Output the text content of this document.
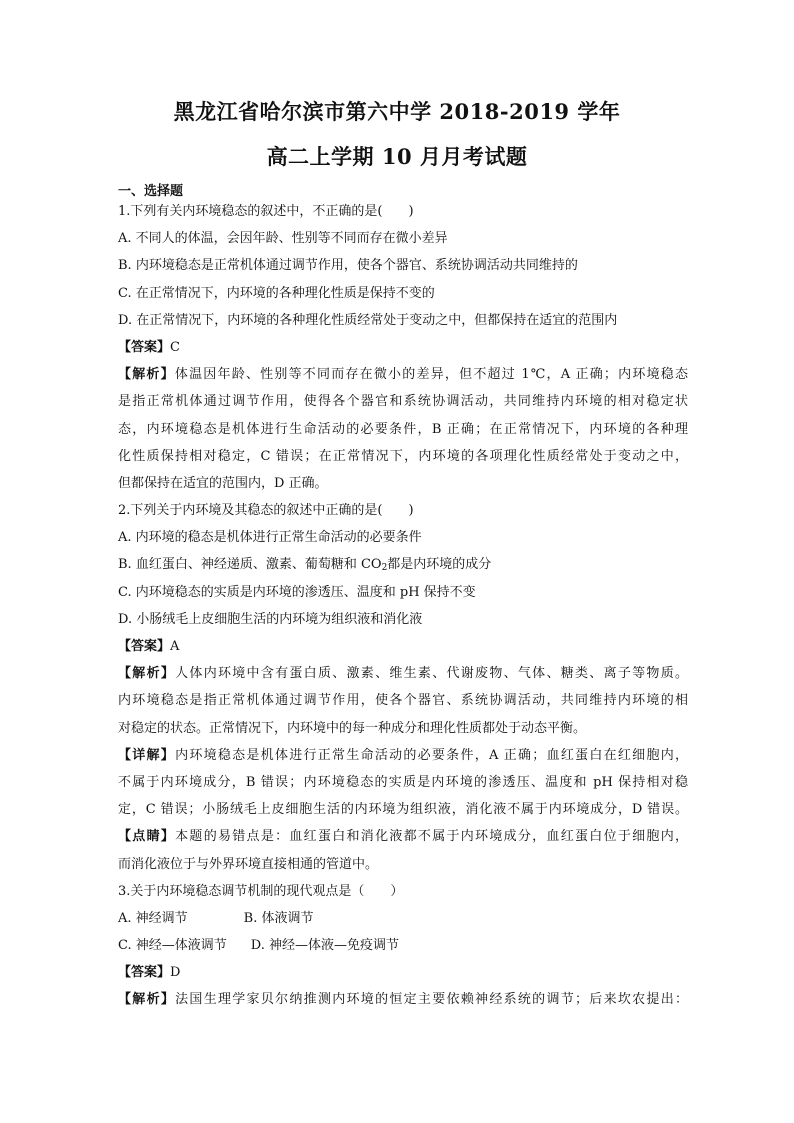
黑龙江省哈尔滨市第六中学 2018-2019 学年
高二上学期 10 月月考试题
一、选择题
1.下列有关内环境稳态的叙述中，不正确的是(　　)
A. 不同人的体温，会因年龄、性别等不同而存在微小差异
B. 内环境稳态是正常机体通过调节作用，使各个器官、系统协调活动共同维持的
C. 在正常情况下，内环境的各种理化性质是保持不变的
D. 在正常情况下，内环境的各种理化性质经常处于变动之中，但都保持在适宜的范围内
【答案】C
【解析】体温因年龄、性别等不同而存在微小的差异，但不超过 1℃，A 正确；内环境稳态
是指正常机体通过调节作用，使得各个器官和系统协调活动，共同维持内环境的相对稳定状
态，内环境稳态是机体进行生命活动的必要条件，B 正确；在正常情况下，内环境的各种理
化性质保持相对稳定，C 错误；在正常情况下，内环境的各项理化性质经常处于变动之中，
但都保持在适宜的范围内，D 正确。
2.下列关于内环境及其稳态的叙述中正确的是(　　)
A. 内环境的稳态是机体进行正常生命活动的必要条件
B. 血红蛋白、神经递质、激素、葡萄糖和 $CO_2$都是内环境的成分
C. 内环境稳态的实质是内环境的渗透压、温度和 pH 保持不变
D. 小肠绒毛上皮细胞生活的内环境为组织液和消化液
【答案】A
【解析】人体内环境中含有蛋白质、激素、维生素、代谢废物、气体、糖类、离子等物质。
内环境稳态是指正常机体通过调节作用，使各个器官、系统协调活动，共同维持内环境的相
对稳定的状态。正常情况下，内环境中的每一种成分和理化性质都处于动态平衡。
【详解】内环境稳态是机体进行正常生命活动的必要条件，A 正确；血红蛋白在红细胞内，
不属于内环境成分，B 错误；内环境稳态的实质是内环境的渗透压、温度和 pH 保持相对稳
定，C 错误；小肠绒毛上皮细胞生活的内环境为组织液，消化液不属于内环境成分，D 错误。
【点睛】本题的易错点是：血红蛋白和消化液都不属于内环境成分，血红蛋白位于细胞内，
而消化液位于与外界环境直接相通的管道中。
3.关于内环境稳态调节机制的现代观点是（　　）
A. 神经调节	B. 体液调节
C. 神经—体液调节 D. 神经—体液—免疫调节
【答案】D
【解析】法国生理学家贝尔纳推测内环境的恒定主要依赖神经系统的调节；后来坎农提出：
